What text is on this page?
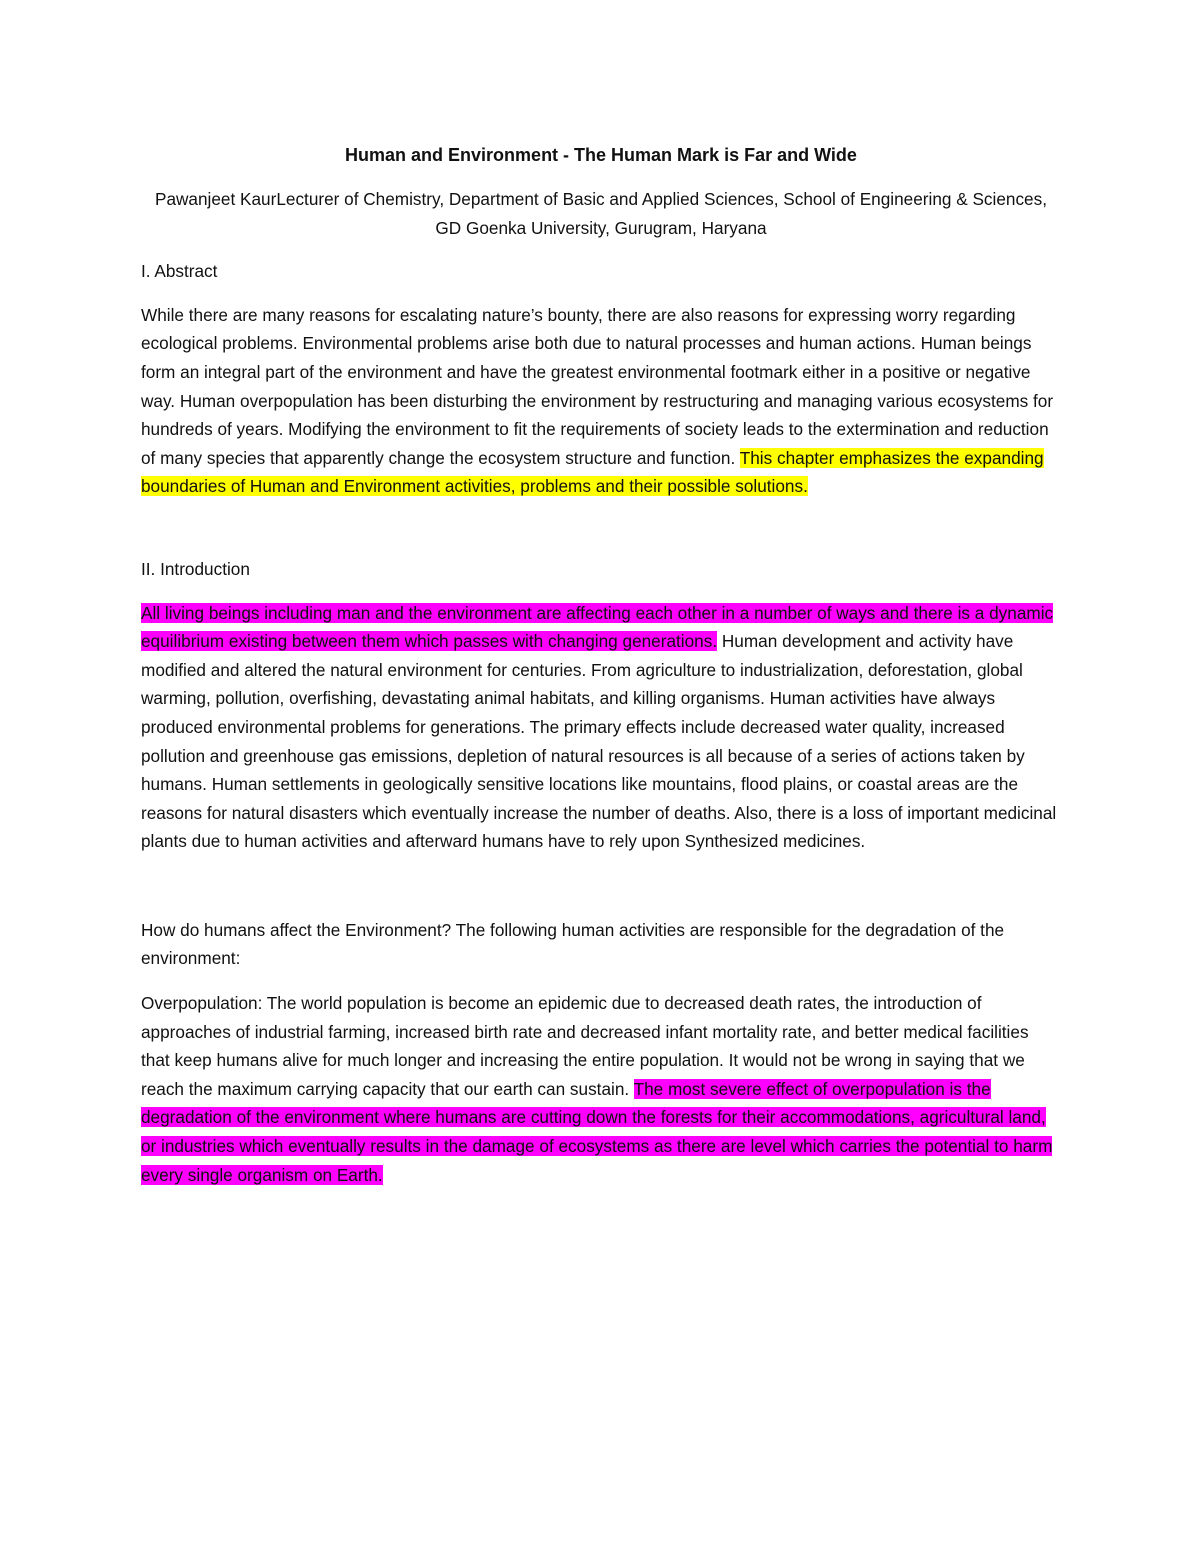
Human and Environment - The Human Mark is Far and Wide
Pawanjeet KaurLecturer of Chemistry, Department of Basic and Applied Sciences, School of Engineering & Sciences, GD Goenka University, Gurugram, Haryana
I. Abstract

While there are many reasons for escalating nature’s bounty, there are also reasons for expressing worry regarding ecological problems. Environmental problems arise both due to natural processes and human actions. Human beings form an integral part of the environment and have the greatest environmental footmark either in a positive or negative way. Human overpopulation has been disturbing the environment by restructuring and managing various ecosystems for hundreds of years. Modifying the environment to fit the requirements of society leads to the extermination and reduction of many species that apparently change the ecosystem structure and function. This chapter emphasizes the expanding boundaries of Human and Environment activities, problems and their possible solutions.

II. Introduction

All living beings including man and the environment are affecting each other in a number of ways and there is a dynamic equilibrium existing between them which passes with changing generations. Human development and activity have modified and altered the natural environment for centuries. From agriculture to industrialization, deforestation, global warming, pollution, overfishing, devastating animal habitats, and killing organisms. Human activities have always produced environmental problems for generations. The primary effects include decreased water quality, increased pollution and greenhouse gas emissions, depletion of natural resources is all because of a series of actions taken by humans. Human settlements in geologically sensitive locations like mountains, flood plains, or coastal areas are the reasons for natural disasters which eventually increase the number of deaths. Also, there is a loss of important medicinal plants due to human activities and afterward humans have to rely upon Synthesized medicines.

How do humans affect the Environment? The following human activities are responsible for the degradation of the environment:

Overpopulation: The world population is become an epidemic due to decreased death rates, the introduction of approaches of industrial farming, increased birth rate and decreased infant mortality rate, and better medical facilities that keep humans alive for much longer and increasing the entire population. It would not be wrong in saying that we reach the maximum carrying capacity that our earth can sustain. The most severe effect of overpopulation is the degradation of the environment where humans are cutting down the forests for their accommodations, agricultural land, or industries which eventually results in the damage of ecosystems as there are level which carries the potential to harm every single organism on Earth.
